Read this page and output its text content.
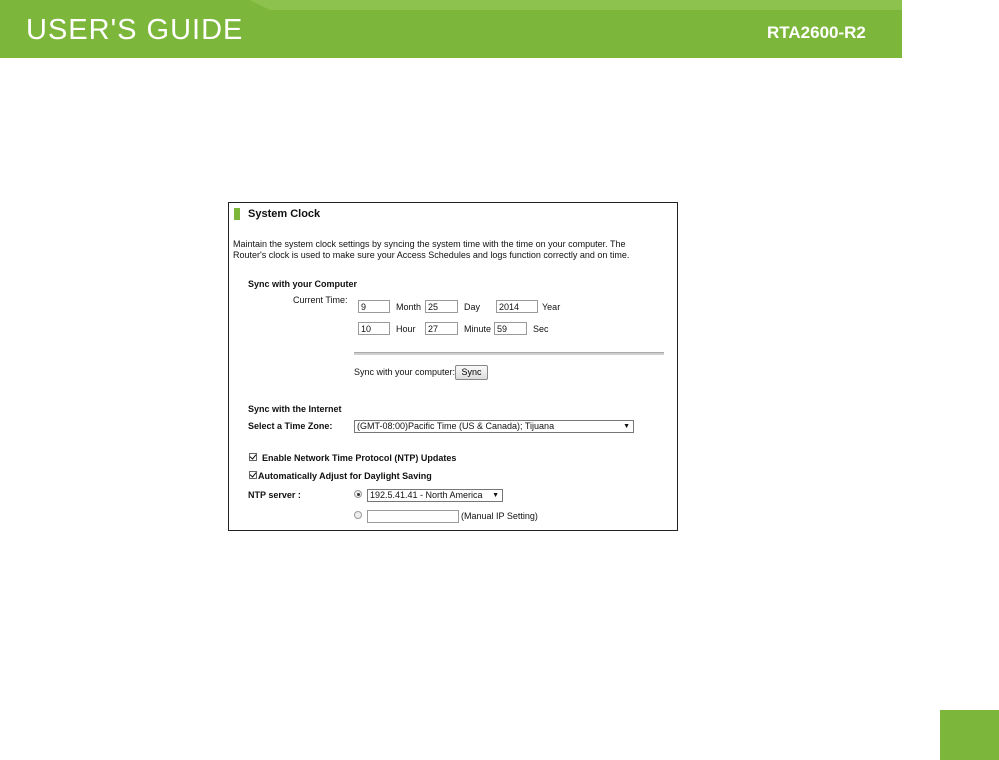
USER'S GUIDE	RTA2600-R2
System Clock
Maintain the system clock settings by syncing the system time with the time on your computer. The
Router's clock is used to make sure your Access Schedules and logs function correctly and on time.
Sync with your Computer
Current Time:
9	Month 25	Day	2014	Year
10	Hour	27	Minute 59	Sec
Sync with your computer: Sync
Sync with the Internet
Select a Time Zone:	(GMT-08:00)Pacific Time (US & Canada); Tijuana	▼
Enable Network Time Protocol (NTP) Updates
Automatically Adjust for Daylight Saving
NTP server :	192.5.41.41 - North America ▼
(Manual IP Setting)
